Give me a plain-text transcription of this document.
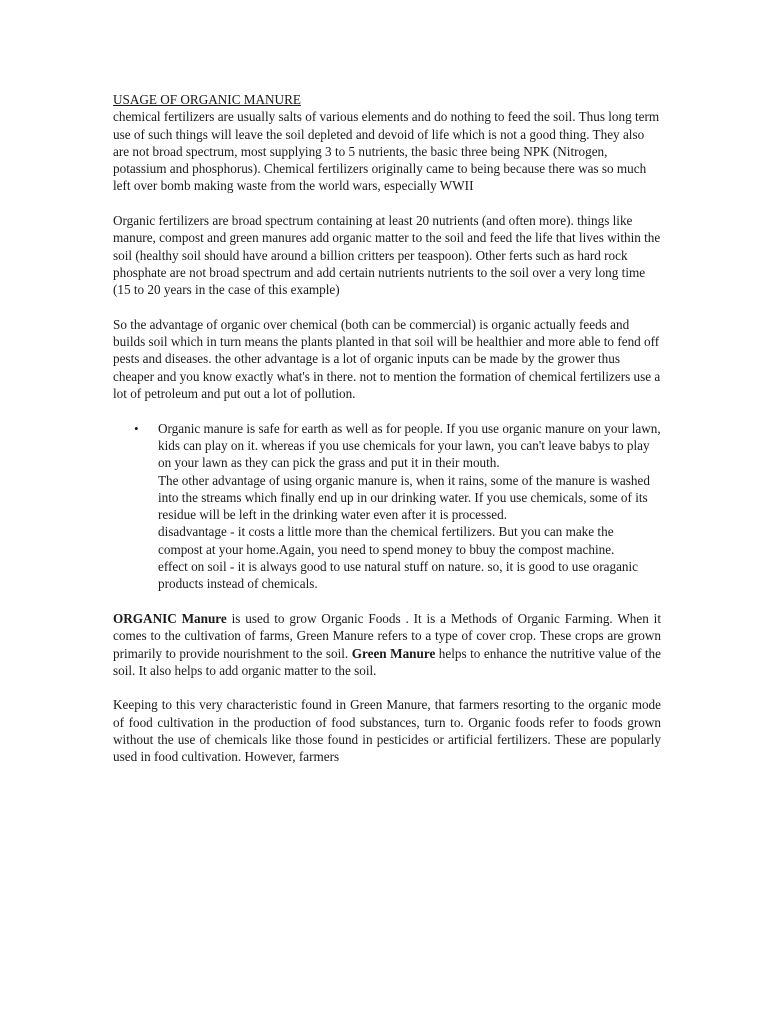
USAGE OF ORGANIC MANURE

chemical fertilizers are usually salts of various elements and do nothing to feed the soil. Thus long term use of such things will leave the soil depleted and devoid of life which is not a good thing. They also are not broad spectrum, most supplying 3 to 5 nutrients, the basic three being NPK (Nitrogen, potassium and phosphorus). Chemical fertilizers originally came to being because there was so much left over bomb making waste from the world wars, especially WWII

Organic fertilizers are broad spectrum containing at least 20 nutrients (and often more). things like manure, compost and green manures add organic matter to the soil and feed the life that lives within the soil (healthy soil should have around a billion critters per teaspoon). Other ferts such as hard rock phosphate are not broad spectrum and add certain nutrients nutrients to the soil over a very long time (15 to 20 years in the case of this example)

So the advantage of organic over chemical (both can be commercial) is organic actually feeds and builds soil which in turn means the plants planted in that soil will be healthier and more able to fend off pests and diseases. the other advantage is a lot of organic inputs can be made by the grower thus cheaper and you know exactly what's in there. not to mention the formation of chemical fertilizers use a lot of petroleum and put out a lot of pollution.

• Organic manure is safe for earth as well as for people. If you use organic manure on your lawn, kids can play on it. whereas if you use chemicals for your lawn, you can't leave babys to play on your lawn as they can pick the grass and put it in their mouth.
The other advantage of using organic manure is, when it rains, some of the manure is washed into the streams which finally end up in our drinking water. If you use chemicals, some of its residue will be left in the drinking water even after it is processed.
disadvantage - it costs a little more than the chemical fertilizers. But you can make the compost at your home.Again, you need to spend money to bbuy the compost machine.
effect on soil - it is always good to use natural stuff on nature. so, it is good to use oraganic products instead of chemicals.

ORGANIC Manure is used to grow Organic Foods . It is a Methods of Organic Farming. When it comes to the cultivation of farms, Green Manure refers to a type of cover crop. These crops are grown primarily to provide nourishment to the soil. Green Manure helps to enhance the nutritive value of the soil. It also helps to add organic matter to the soil.

Keeping to this very characteristic found in Green Manure, that farmers resorting to the organic mode of food cultivation in the production of food substances, turn to. Organic foods refer to foods grown without the use of chemicals like those found in pesticides or artificial fertilizers. These are popularly used in food cultivation. However, farmers
